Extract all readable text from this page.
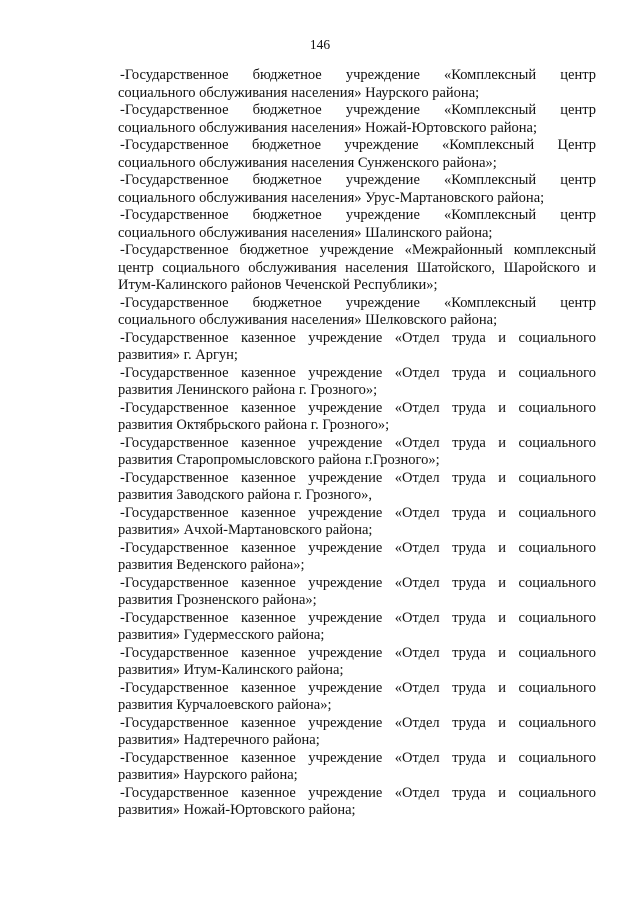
146

-Государственное бюджетное учреждение «Комплексный центр
социального обслуживания населения» Наурского района;

-Государственное бюджетное учреждение «Комплексный центр
социального обслуживания населения» Ножай-Юртовского района;

-Государственное бюджетное учреждение «Комплексный Центр
социального обслуживания населения Сунженского района»;

-Государственное бюджетное учреждение «Комплексный центр
социального обслуживания населения» Урус-Мартановского района;

-Государственное бюджетное учреждение «Комплексный центр
социального обслуживания населения» Шалинского района;

-Государственное бюджетное учреждение «Межрайонный комплексный
центр социального обслуживания населения Шатойского, Шаройского и Итум-Калинского районов Чеченской Республики»;

-Государственное бюджетное учреждение «Комплексный центр
социального обслуживания населения» Шелковского района;

-Государственное казенное учреждение «Отдел труда и социального
развития» г. Аргун;

-Государственное казенное учреждение «Отдел труда и социального
развития Ленинского района г. Грозного»;

-Государственное казенное учреждение «Отдел труда и социального
развития Октябрьского района г. Грозного»;

-Государственное казенное учреждение «Отдел труда и социального
развития Старопромысловского района г.Грозного»;

-Государственное казенное учреждение «Отдел труда и социального
развития Заводского района г. Грозного»,

-Государственное казенное учреждение «Отдел труда и социального
развития» Ачхой-Мартановского района;

-Государственное казенное учреждение «Отдел труда и социального
развития Веденского района»;

-Государственное казенное учреждение «Отдел труда и социального
развития Грозненского района»;

-Государственное казенное учреждение «Отдел труда и социального
развития» Гудермесского района;

-Государственное казенное учреждение «Отдел труда и социального
развития» Итум-Калинского района;

-Государственное казенное учреждение «Отдел труда и социального
развития Курчалоевского района»;

-Государственное казенное учреждение «Отдел труда и социального
развития» Надтеречного района;

-Государственное казенное учреждение «Отдел труда и социального
развития» Наурского района;

-Государственное казенное учреждение «Отдел труда и социального
развития» Ножай-Юртовского района;
